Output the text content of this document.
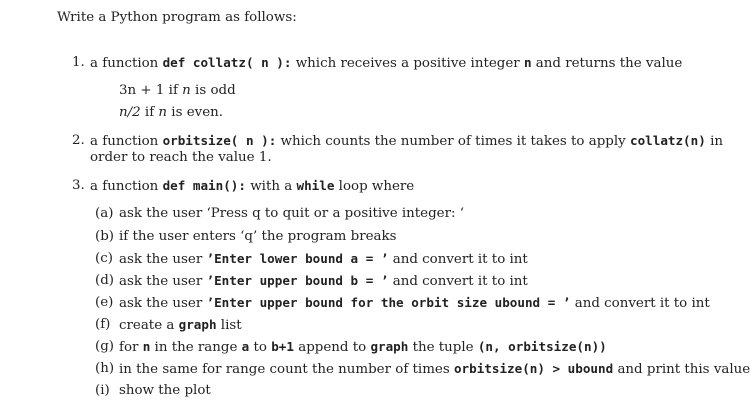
Write a Python program as follows:
1. a function def collatz( n ): which receives a positive integer n and returns the value
3n + 1 if n is odd
n/2 if n is even.
2. a function orbitsize( n ): which counts the number of times it takes to apply collatz(n) in
order to reach the value 1.
3. a function def main(): with a while loop where
(a) ask the user ‘Press q to quit or a positive integer: ‘
(b) if the user enters ‘q’ the program breaks
(c) ask the user ’Enter lower bound a = ’ and convert it to int
(d) ask the user ’Enter upper bound b = ’ and convert it to int
(e) ask the user ’Enter upper bound for the orbit size ubound = ’ and convert it to int
(f) create a graph list
(g) for n in the range a to b+1 append to graph the tuple (n, orbitsize(n))
(h) in the same for range count the number of times orbitsize(n) > ubound and print this value
(i) show the plot
